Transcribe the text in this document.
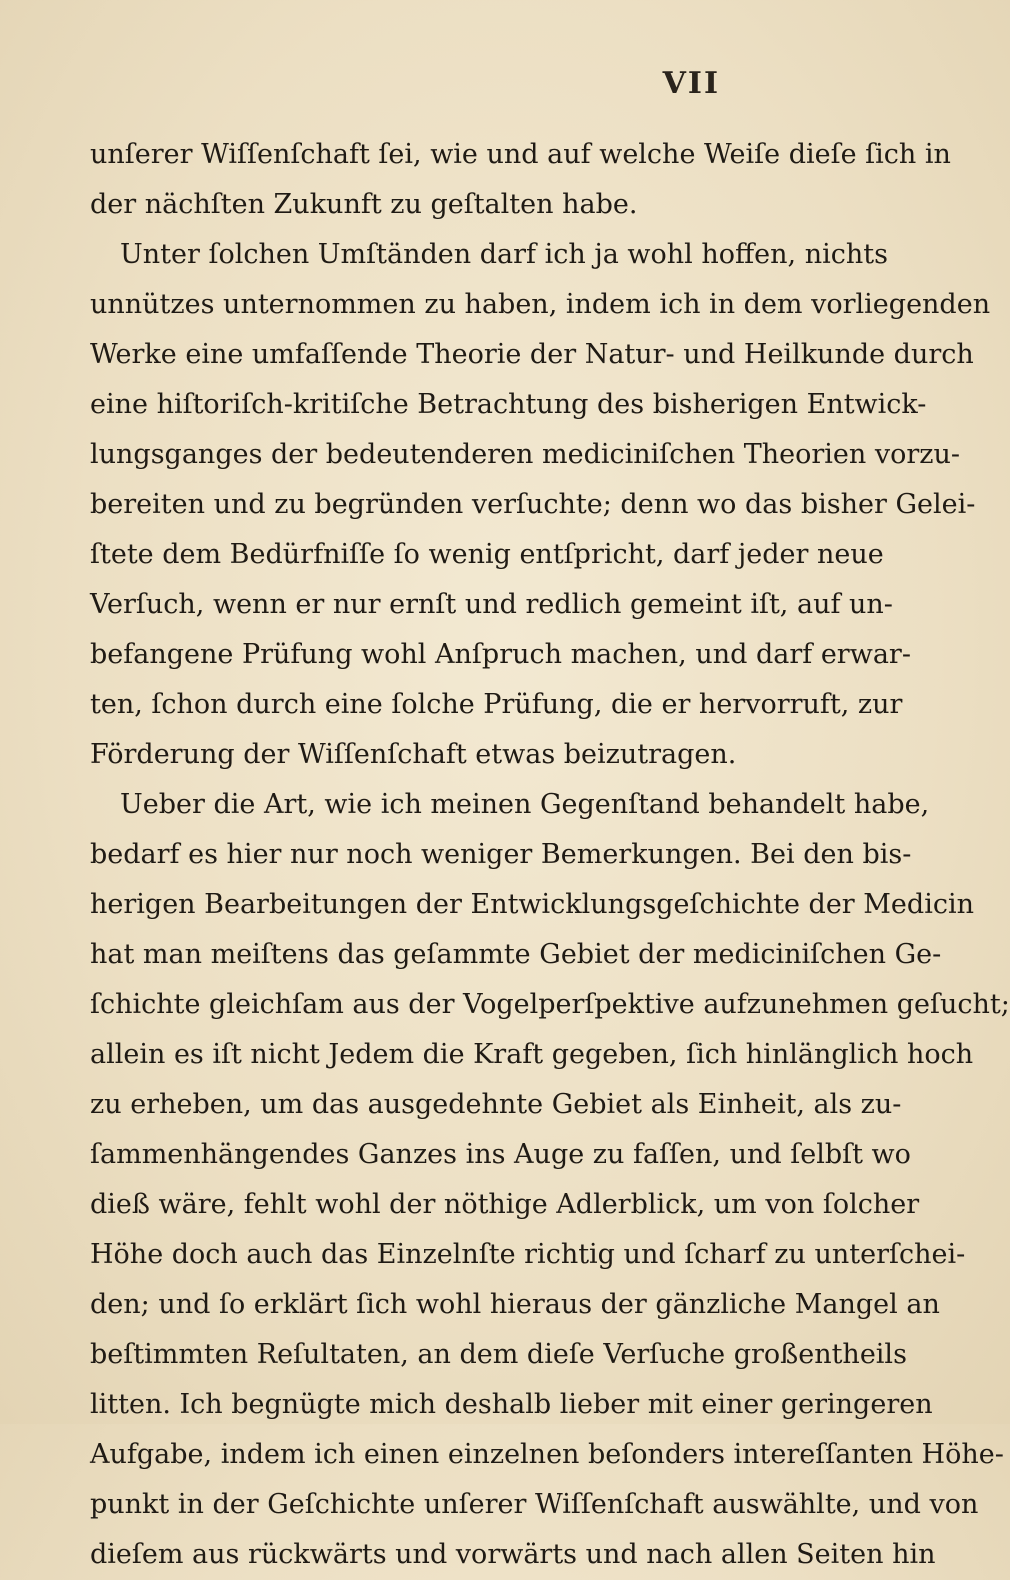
VII
unſerer Wiſſenſchaft ſei, wie und auf welche Weiſe dieſe ſich in
der nächſten Zukunft zu geſtalten habe.
Unter ſolchen Umſtänden darf ich ja wohl hoffen, nichts
unnützes unternommen zu haben, indem ich in dem vorliegenden
Werke eine umfaſſende Theorie der Natur- und Heilkunde durch
eine hiſtoriſch-kritiſche Betrachtung des bisherigen Entwick-
lungsganges der bedeutenderen mediciniſchen Theorien vorzu-
bereiten und zu begründen verſuchte; denn wo das bisher Gelei-
ſtete dem Bedürfniſſe ſo wenig entſpricht, darf jeder neue
Verſuch, wenn er nur ernſt und redlich gemeint iſt, auf un-
befangene Prüfung wohl Anſpruch machen, und darf erwar-
ten, ſchon durch eine ſolche Prüfung, die er hervorruft, zur
Förderung der Wiſſenſchaft etwas beizutragen.
Ueber die Art, wie ich meinen Gegenſtand behandelt habe,
bedarf es hier nur noch weniger Bemerkungen. Bei den bis-
herigen Bearbeitungen der Entwicklungsgeſchichte der Medicin
hat man meiſtens das geſammte Gebiet der mediciniſchen Ge-
ſchichte gleichſam aus der Vogelperſpektive aufzunehmen geſucht;
allein es iſt nicht Jedem die Kraft gegeben, ſich hinlänglich hoch
zu erheben, um das ausgedehnte Gebiet als Einheit, als zu-
ſammenhängendes Ganzes ins Auge zu faſſen, und ſelbſt wo
dieß wäre, fehlt wohl der nöthige Adlerblick, um von ſolcher
Höhe doch auch das Einzelnſte richtig und ſcharf zu unterſchei-
den; und ſo erklärt ſich wohl hieraus der gänzliche Mangel an
beſtimmten Reſultaten, an dem dieſe Verſuche großentheils
litten. Ich begnügte mich deshalb lieber mit einer geringeren
Aufgabe, indem ich einen einzelnen beſonders intereſſanten Höhe-
punkt in der Geſchichte unſerer Wiſſenſchaft auswählte, und von
dieſem aus rückwärts und vorwärts und nach allen Seiten hin
